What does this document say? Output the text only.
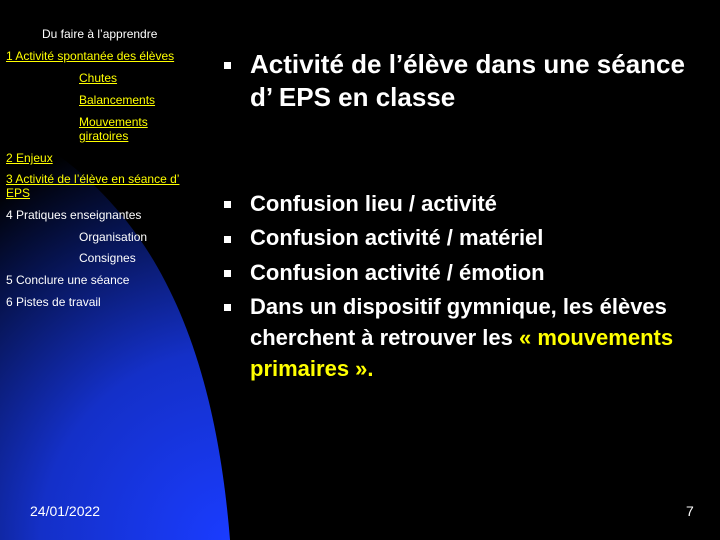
Du faire à l’apprendre
1 Activité spontanée des élèves
Chutes
Balancements
Mouvements giratoires
2 Enjeux
3 Activité de l’élève en séance d’ EPS
4 Pratiques enseignantes
Organisation
Consignes
5 Conclure une séance
6 Pistes de travail
Activité de l’élève dans une séance d’ EPS en classe
Confusion lieu / activité
Confusion activité / matériel
Confusion activité / émotion
Dans un dispositif gymnique, les élèves cherchent à retrouver les « mouvements primaires ».
24/01/2022	7
